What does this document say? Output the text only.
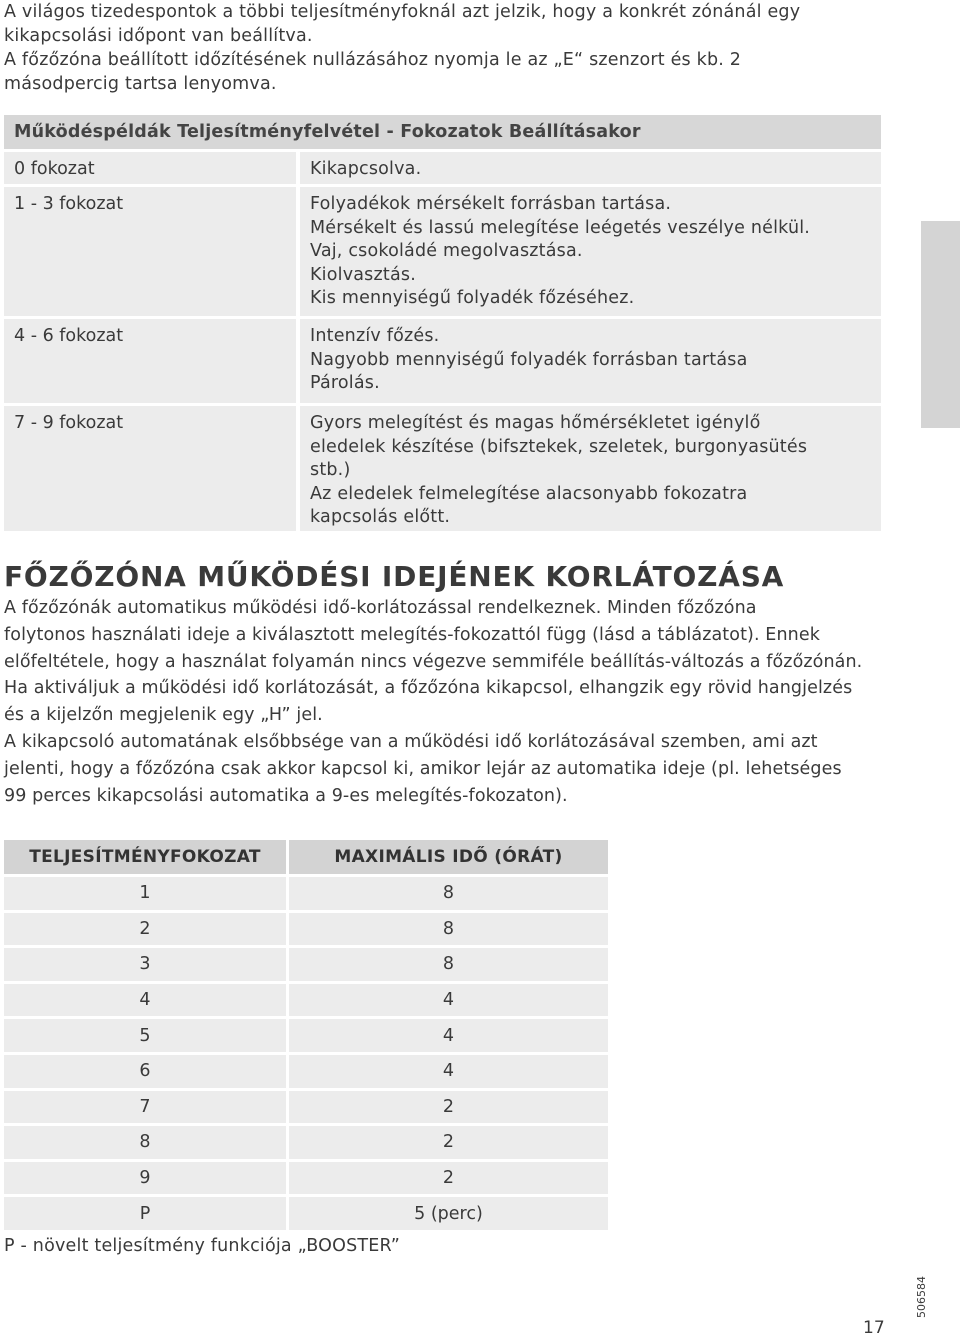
A világos tizedespontok a többi teljesítményfoknál azt jelzik, hogy a konkrét zónánál egy
kikapcsolási időpont van beállítva.
A főzőzóna beállított időzítésének nullázásához nyomja le az „E“ szenzort és kb. 2
másodpercig tartsa lenyomva.
Működéspéldák Teljesítményfelvétel - Fokozatok Beállításakor
0 fokozat	Kikapcsolva.
1 - 3 fokozat	Folyadékok mérsékelt forrásban tartása.
Mérsékelt és lassú melegítése leégetés veszélye nélkül.
Vaj, csokoládé megolvasztása.
Kiolvasztás.
Kis mennyiségű folyadék főzéséhez.
4 - 6 fokozat	Intenzív főzés.
Nagyobb mennyiségű folyadék forrásban tartása
Párolás.
7 - 9 fokozat	Gyors melegítést és magas hőmérsékletet igénylő
eledelek készítése (bifsztekek, szeletek, burgonyasütés
stb.)
Az eledelek felmelegítése alacsonyabb fokozatra
kapcsolás előtt.
FŐZŐZÓNA MŰKÖDÉSI IDEJÉNEK KORLÁTOZÁSA
A főzőzónák automatikus működési idő-korlátozással rendelkeznek. Minden főzőzóna
folytonos használati ideje a kiválasztott melegítés-fokozattól függ (lásd a táblázatot). Ennek
előfeltétele, hogy a használat folyamán nincs végezve semmiféle beállítás-változás a főzőzónán.
Ha aktiváljuk a működési idő korlátozását, a főzőzóna kikapcsol, elhangzik egy rövid hangjelzés
és a kijelzőn megjelenik egy „H” jel.
A kikapcsoló automatának elsőbbsége van a működési idő korlátozásával szemben, ami azt
jelenti, hogy a főzőzóna csak akkor kapcsol ki, amikor lejár az automatika ideje (pl. lehetséges
99 perces kikapcsolási automatika a 9-es melegítés-fokozaton).
TELJESÍTMÉNYFOKOZAT	MAXIMÁLIS IDŐ (ÓRÁT)
1	8
2	8
3	8
4	4
5	4
6	4
7	2
8	2
9	2
P	5 (perc)
P - növelt teljesítmény funkciója „BOOSTER”
17
506584
